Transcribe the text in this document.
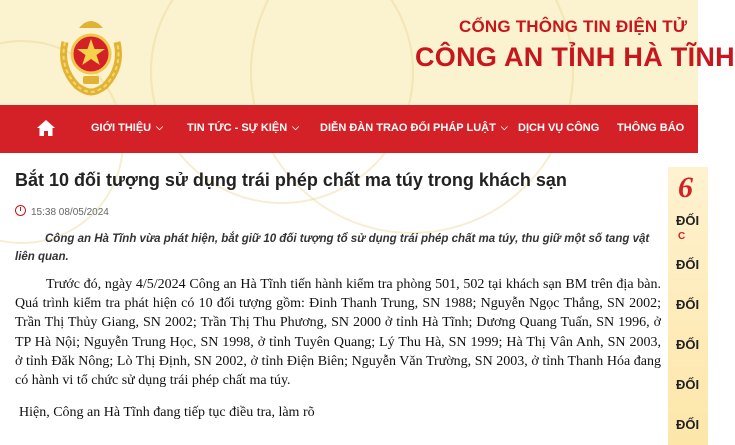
CỔNG THÔNG TIN ĐIỆN TỬ
CÔNG AN TỈNH HÀ TĨNH
GIỚI THIỆU ⌵ TIN TỨC - SỰ KIỆN ⌵ DIỄN ĐÀN TRAO ĐỔI PHÁP LUẬT ⌵ DỊCH VỤ CÔNG THÔNG BÁO
Bắt 10 đối tượng sử dụng trái phép chất ma túy trong khách sạn
15:38 08/05/2024
Công an Hà Tĩnh vừa phát hiện, bắt giữ 10 đối tượng tổ sử dụng trái phép chất ma túy, thu giữ một số tang vật liên quan.
Trước đó, ngày 4/5/2024 Công an Hà Tĩnh tiến hành kiểm tra phòng 501, 502 tại khách sạn BM trên địa bàn. Quá trình kiểm tra phát hiện có 10 đối tượng gồm: Đinh Thanh Trung, SN 1988; Nguyễn Ngọc Thắng, SN 2002; Trần Thị Thủy Giang, SN 2002; Trần Thị Thu Phương, SN 2000 ở tỉnh Hà Tĩnh; Dương Quang Tuấn, SN 1996, ở TP Hà Nội; Nguyễn Trung Học, SN 1998, ở tỉnh Tuyên Quang; Lý Thu Hà, SN 1999; Hà Thị Vân Anh, SN 2003, ở tỉnh Đăk Nông; Lò Thị Định, SN 2002, ở tỉnh Điện Biên; Nguyễn Văn Trường, SN 2003, ở tỉnh Thanh Hóa đang có hành vi tổ chức sử dụng trái phép chất ma túy.
Hiện, Công an Hà Tĩnh đang tiếp tục điều tra, làm rõ
6
ĐỐI
C
ĐỐI
ĐỐI
ĐỐI
ĐỐI
ĐỐI
